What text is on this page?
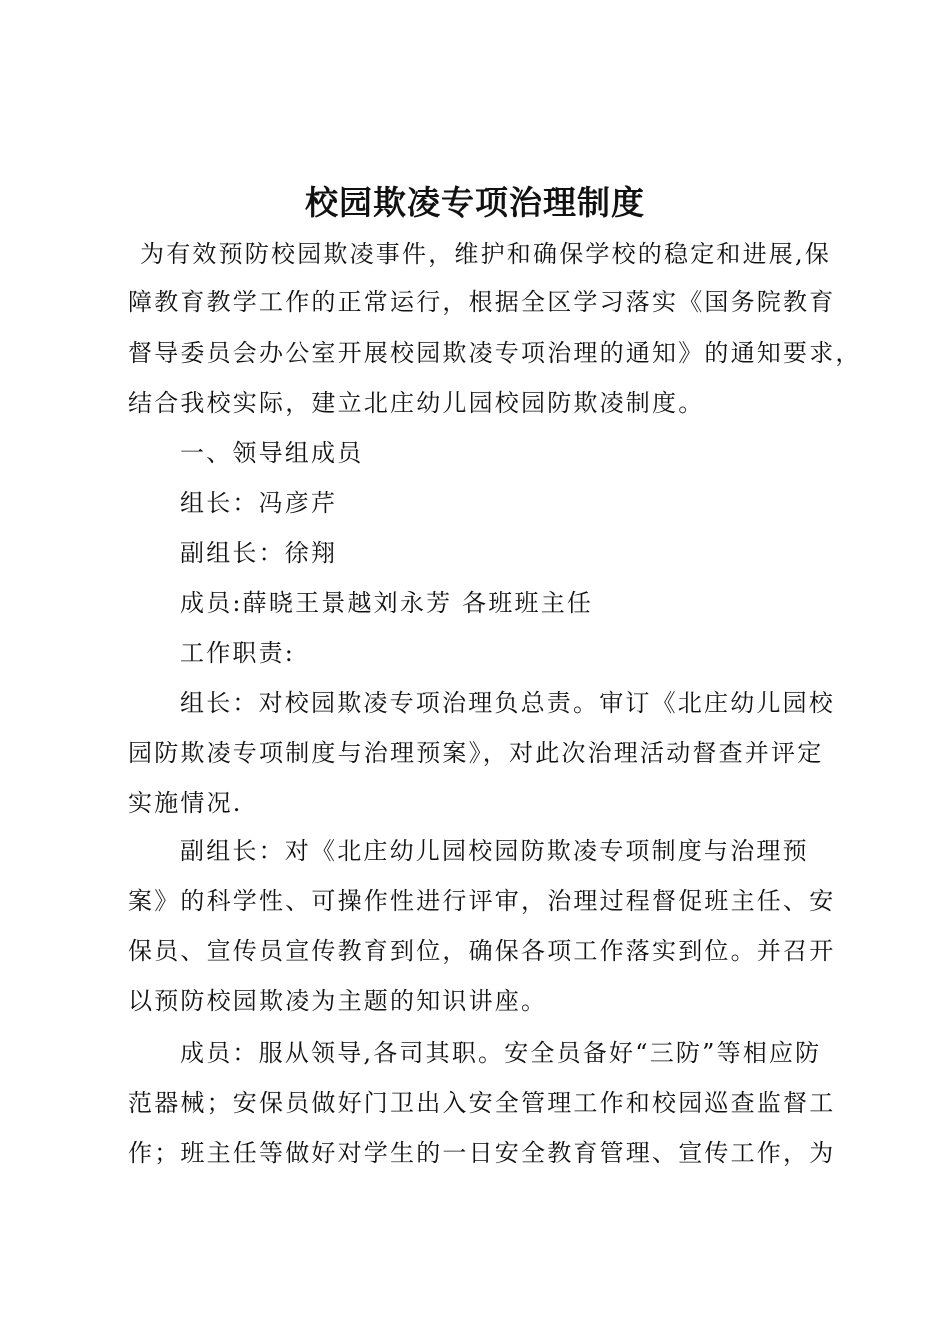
校园欺凌专项治理制度
为有效预防校园欺凌事件，维护和确保学校的稳定和进展,保
障教育教学工作的正常运行，根据全区学习落实《国务院教育
督导委员会办公室开展校园欺凌专项治理的通知》的通知要求，
结合我校实际，建立北庄幼儿园校园防欺凌制度。
一、领导组成员
组长：冯彦芹
副组长：徐翔
成员:薛晓王景越刘永芳 各班班主任
工作职责:
组长：对校园欺凌专项治理负总责。审订《北庄幼儿园校
园防欺凌专项制度与治理预案》，对此次治理活动督查并评定
实施情况.
副组长：对《北庄幼儿园校园防欺凌专项制度与治理预
案》的科学性、可操作性进行评审，治理过程督促班主任、安
保员、宣传员宣传教育到位，确保各项工作落实到位。并召开
以预防校园欺凌为主题的知识讲座。
成员：服从领导,各司其职。安全员备好“三防”等相应防
范器械；安保员做好门卫出入安全管理工作和校园巡查监督工
作；班主任等做好对学生的一日安全教育管理、宣传工作，为
